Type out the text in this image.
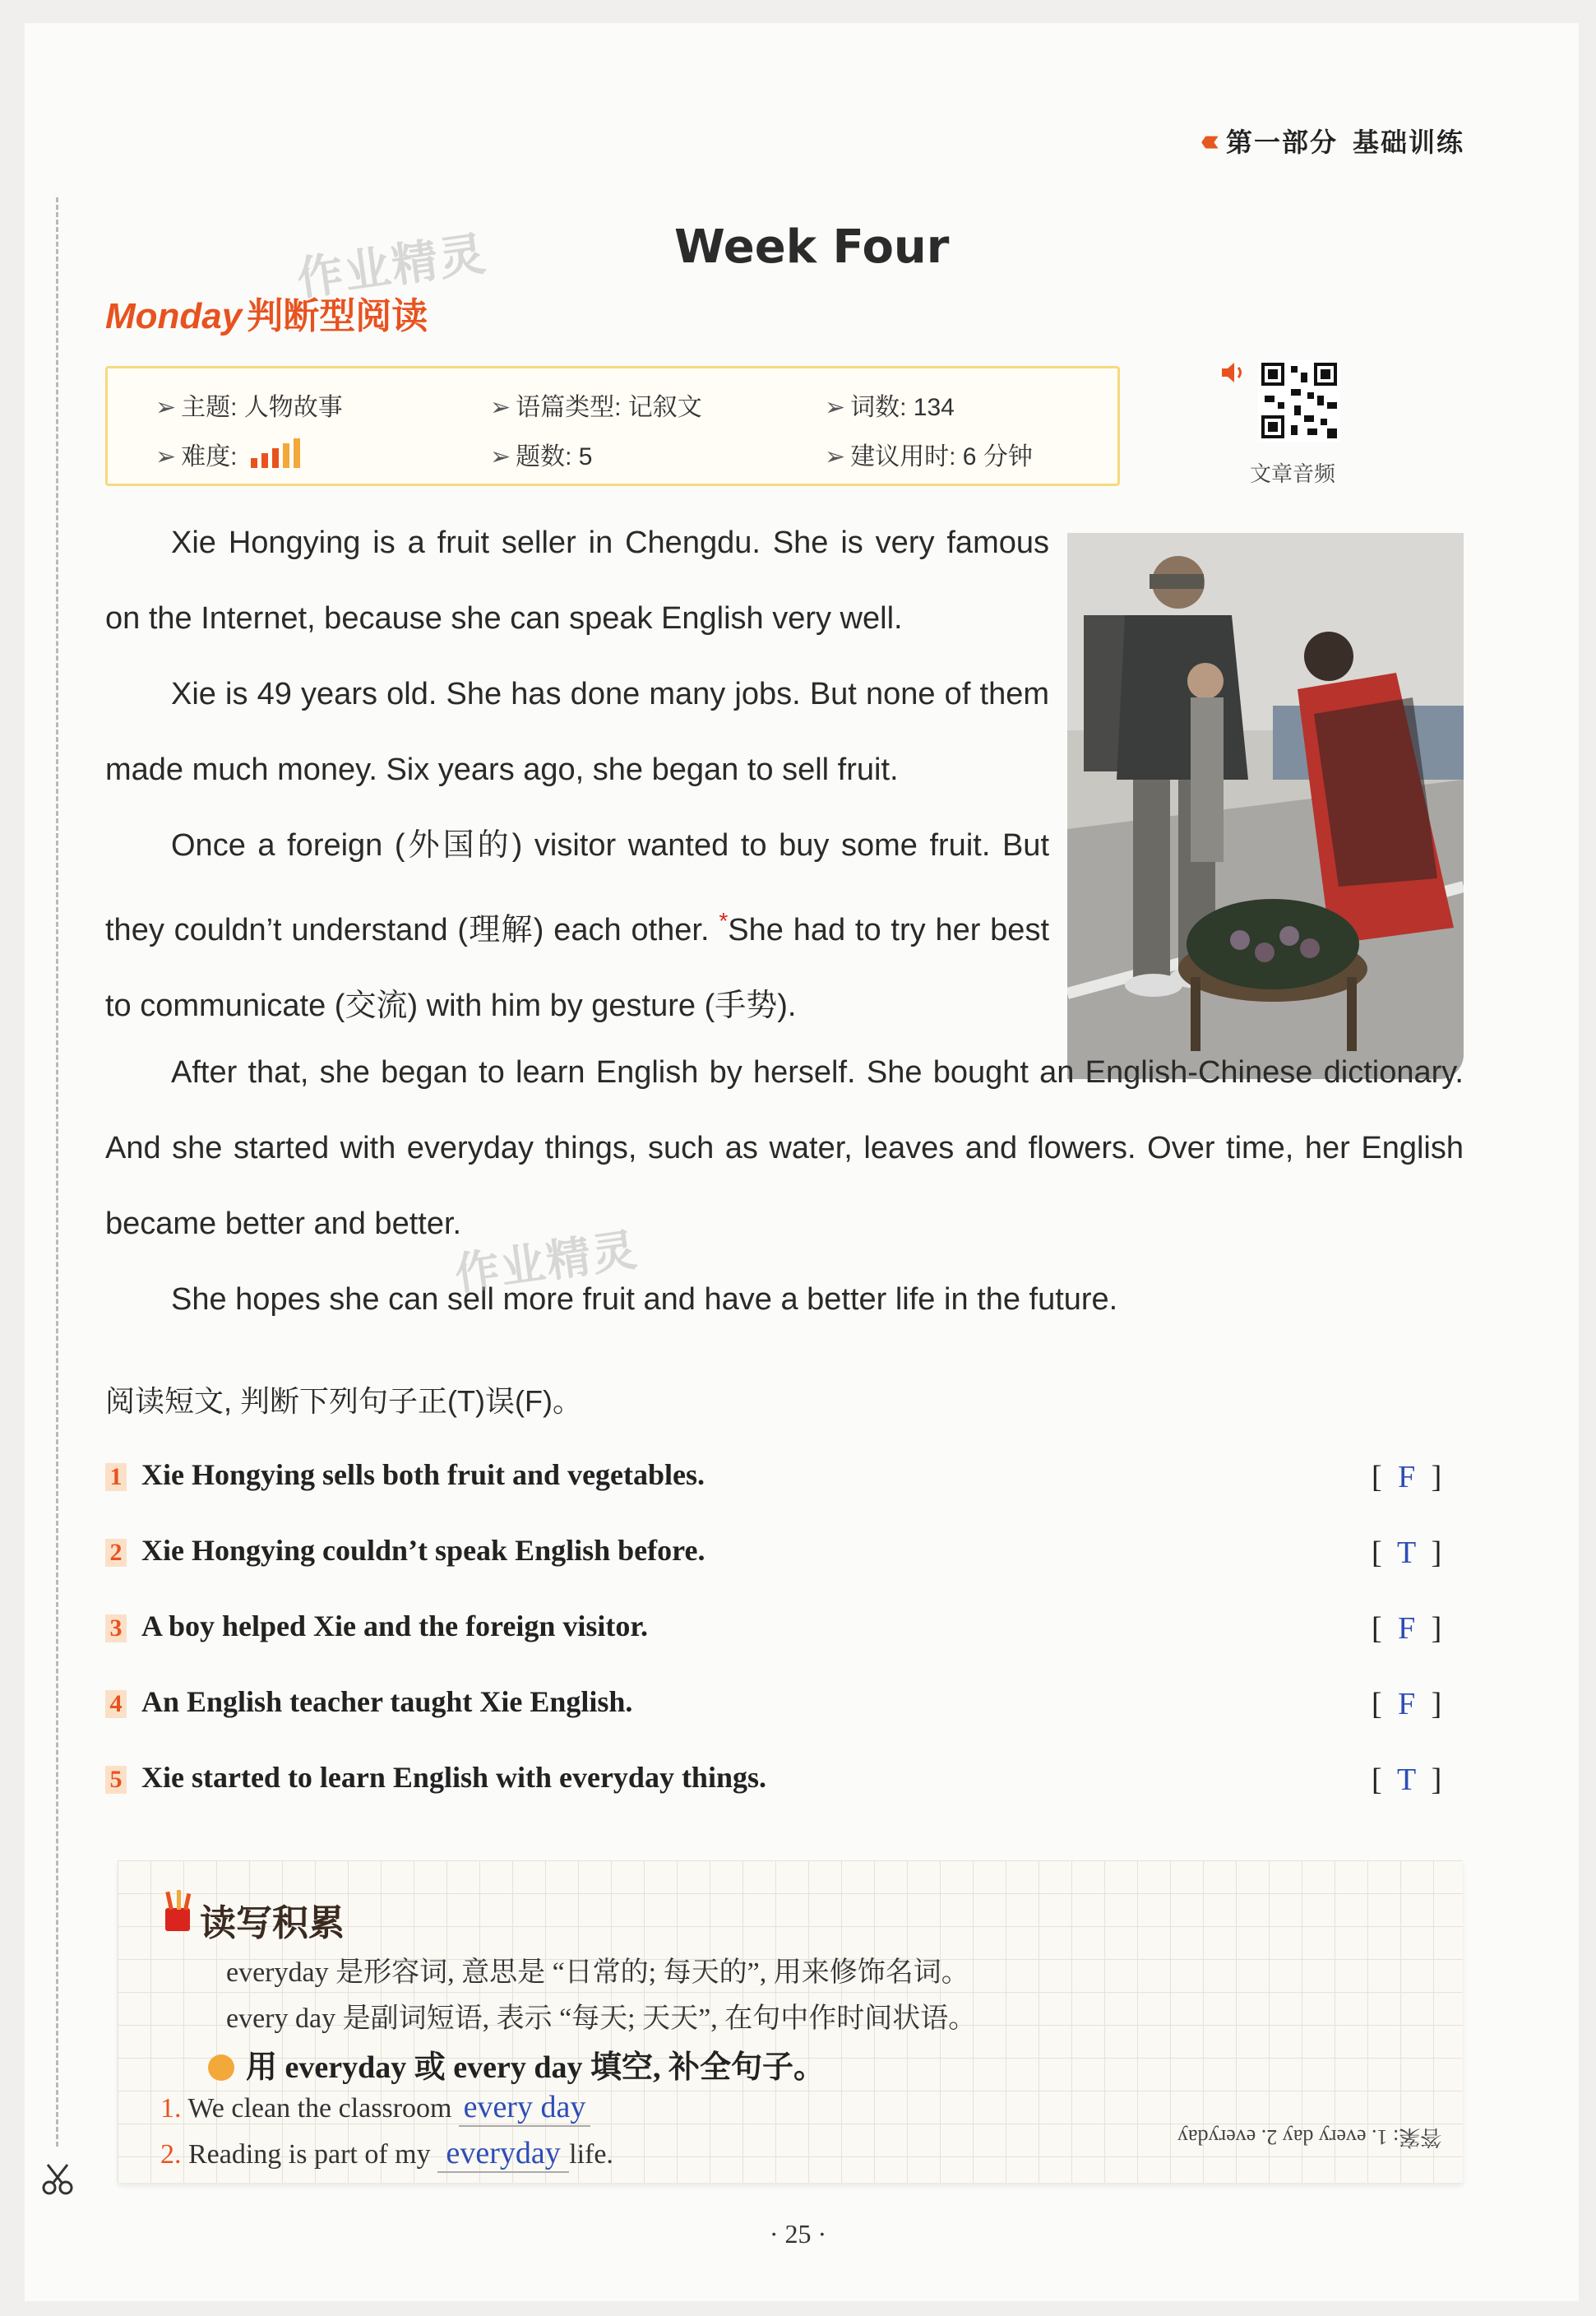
‹‹‹‹‹ 第一部分 基础训练
作业精灵	Week Four
Monday 判断型阅读
➢ 主题: 人物故事	➢ 语篇类型: 记叙文	➢ 词数: 134
➢ 难度:	➢ 题数: 5	➢ 建议用时: 6 分钟
文章音频
Xie Hongying is a fruit seller in Chengdu. She is very famous on the Internet, because she can speak English very well.
Xie is 49 years old. She has done many jobs. But none of them made much money. Six years ago, she began to sell fruit.
Once a foreign (外国的) visitor wanted to buy some fruit. But they couldn’t understand (理解) each other. *She had to try her best to communicate (交流) with him by gesture (手势).
After that, she began to learn English by herself. She bought an English-Chinese dictionary. And she started with everyday things, such as water, leaves and flowers. Over time, her English became better and better.
She hopes she can sell more fruit and have a better life in the future.
作业精灵
阅读短文, 判断下列句子正(T)误(F)。
1 Xie Hongying sells both fruit and vegetables.	[ F ]
2 Xie Hongying couldn’t speak English before.	[ T ]
3 A boy helped Xie and the foreign visitor.	[ F ]
4 An English teacher taught Xie English.	[ F ]
5 Xie started to learn English with everyday things.	[ T ]
读写积累
everyday 是形容词, 意思是 “日常的; 每天的”, 用来修饰名词。
every day 是副词短语, 表示 “每天; 天天”, 在句中作时间状语。
用 everyday 或 every day 填空, 补全句子。
1. We clean the classroom every day
2. Reading is part of my everyday life.
答案: 1. every day 2. everyday
· 25 ·
